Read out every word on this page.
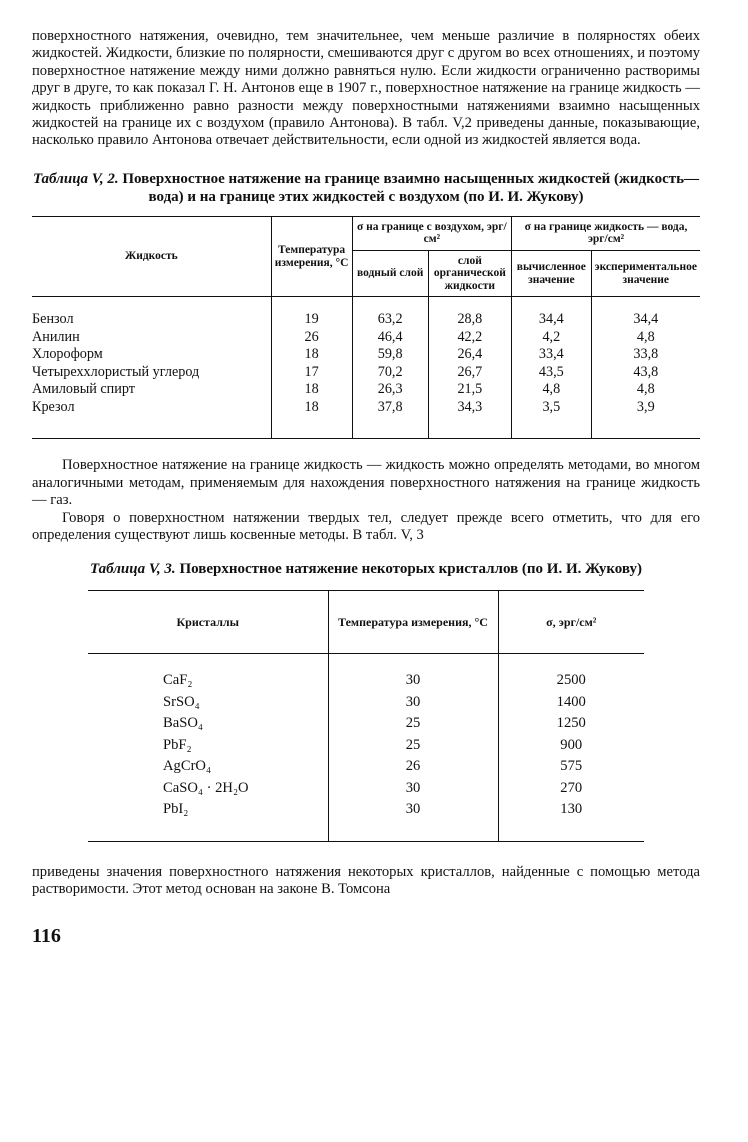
поверхностного натяжения, очевидно, тем значительнее, чем меньше различие в полярностях обеих жидкостей. Жидкости, близкие по полярности, смешиваются друг с другом во всех отношениях, и поэтому поверхностное натяжение между ними должно равняться нулю. Если жидкости ограниченно растворимы друг в друге, то как показал Г. Н. Антонов еще в 1907 г., поверхностное натяжение на границе жидкость — жидкость приближенно равно разности между поверхностными натяжениями взаимно насыщенных жидкостей на границе их с воздухом (правило Антонова). В табл. V,2 приведены данные, показывающие, насколько правило Антонова отвечает действительности, если одной из жидкостей является вода.

Таблица V, 2. Поверхностное натяжение на границе взаимно насыщенных жидкостей (жидкость—вода) и на границе этих жидкостей с воздухом (по И. И. Жукову)
Жидкость	Температура измерения, °С	σ на границе с воздухом, эрг/см²		σ на границе жидкость — вода, эрг/см²	
		водный слой	слой органической жидкости	вычисленное значение	экспериментальное значение

Бензол	19	63,2	28,8	34,4	34,4
Анилин	26	46,4	42,2	4,2	4,8
Хлороформ	18	59,8	26,4	33,4	33,8
Четыреххлористый углерод	17	70,2	26,7	43,5	43,8
Амиловый спирт	18	26,3	21,5	4,8	4,8
Крезол	18	37,8	34,3	3,5	3,9

Поверхностное натяжение на границе жидкость — жидкость можно определять методами, во многом аналогичными методам, применяемым для нахождения поверхностного натяжения на границе жидкость — газ.

Говоря о поверхностном натяжении твердых тел, следует прежде всего отметить, что для его определения существуют лишь косвенные методы. В табл. V, 3

Таблица V, 3. Поверхностное натяжение некоторых кристаллов (по И. И. Жукову)
Кристаллы	Температура измерения, °С	σ, эрг/см²

CaF₂	30	2500
SrSO₄	30	1400
BaSO₄	25	1250
PbF₂	25	900
AgCrO₄	26	575
CaSO₄ · 2H₂O	30	270
PbI₂	30	130

приведены значения поверхностного натяжения некоторых кристаллов, найденные с помощью метода растворимости. Этот метод основан на законе В. Томсона

116
